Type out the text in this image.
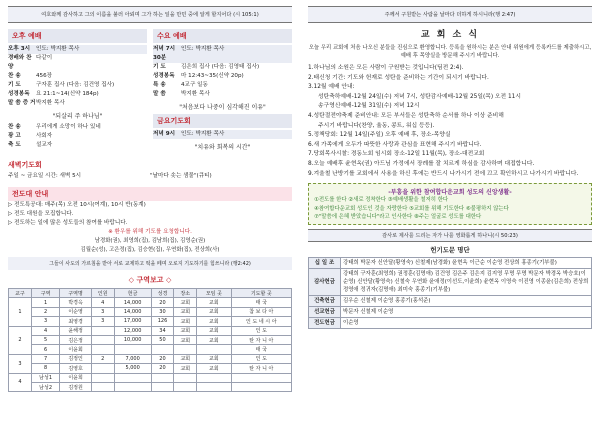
여호와께 감사하고 그의 이름을 불러 아뢰며 그가 하는 일을 만민 중에 알게 할지어다 (시 105:1)
오후 예배
오후 3시	인도: 박지환 목사
경배와 찬양
다같이
찬 송	456장
기 도	구자훈 집사 (다음: 김건영 집사)
성경봉독	요 21:1~14(신약 184p)
말 씀 증 거 박지환 목사
"되살리 주 하나님"
찬 송	우리에게 소망이 하나 있네
광 고	사회자
축 도	설교자
수요 예배
저녁 7시 30분
인도: 박지환 목사
기 도	김은희 집사 (다음: 김영태 집사)
성경봉독	마 12:43~35(신약 20p)
특 송	4교구 일동
말 씀	박지환 목사
"처음보다 나중이 심각해진 이유"
금요기도회
저녁 9시	인도: 박지환 목사
"치유와 회복의 시간"
새벽기도회
주일 ~ 금요일 시간: 새벽 5시	"날마다 솟는 샘물"(큐티)
전도대 안내
▷ 전도특공대: 매주(목) 오전 10시(여계), 10시 반(동계)
▷ 전도 대원을 모집합니다.
▷ 전도하는 일에 많은 성도들의 참여를 바랍니다.
※ 환우를 위해 기도를 요청합니다.
남경화(권), 최영희(집), 김남희(집), 김영순(권)
김월순(성), 고은정(집), 김승현(집), 우연화(집), 전상희(사)
그들이 사도의 가르침을 받아 서로 교제하고 떡을 떼며 오로지 기도하기를 힘쓰니라 (행2:42)
◇ 구역보고 ◇
교구	구역	구역명	인원	헌금	성경	장소	모임 곳	기도할 곳
1	1	박경옥	4	14,000	20	교회	교회	태 국
	2	이순영	3	14,000	30	교회	교회	참 보 다 아
	3	최영경	3	17,000	126	교회	교회	인 도 네 시 아
2	4	윤해정		12,000	34	교회	교회	인 도
	5	김은정		10,000	50	교회	교회	탄 자 니 아
	6	이윤회						태 국
3	7	김정인	2	7,000	20	교회	교회	인 도
	8	김영호		5,000	20	교회	교회	탄 자 니 아
4	남성1	이윤희						
	남성2	김정원						
주께서 구원받는 사람을 날마다 더하게 하시니라(행 2:47)
교 회 소 식
오늘 우리 교회에 처음 나오신 분들을 진심으로 환영합니다. 등록을 원하시는 분은 안내 위원에게 등록카드를 제출하시고, 예배 후 목양실을 방문해 주시기 바랍니다.
1.하나님의 소원은 모든 사람이 구원받는 것입니다(딤전 2:4).
2.태신청 기간: 기도와 헌재로 성탄을 준비하는 기간이 되시기 바랍니다.
3.12월 예배 안내:
성탄축하예배-12월 24일(수) 저녁 7시, 성탄감사예배-12월 25일(목) 오전 11시
송구영신예배-12월 31일(수) 저녁 12시
4.성탄절전야축제 준비안내: 모든 부서들은 성탄축하 순서를 하나 이상 준비해
주시기 바랍니다(찬양, 율동, 콩트, 워십 등등).
5.정책당회: 12월 14일(주일) 오후 예배 후, 장소-목양실
6.새 가족에게 오두가 따뜻한 사랑과 관심을 표현해 주시기 바랍니다.
7.당회목사시찰: 경동노회 임시회 장소-12일 11월(목), 장소-대전교회
8.오늘 예배후 윤현옥(권) 아드님 가정에서 장례를 잘 치르게 하심을 감사하며 대접합니다.
9.겨울철 난방기를 교회에서 사용을 하신 후에는 반드시 나가시기 전에 끄고 확인하시고 나가시기 바랍니다.
-부흥을 위한 참여합다운교회 성도의 신앙생활-
①전도를 한다 ②새로 정착한다 ③예배생활을 철저히 한다
④참여합다운교회 성도인 것을 자랑한다 ⑤교회를 위해 기도한다 ⑥불평하지 않는다
⑦"말씀에 은혜 받았습니다"라고 인사한다 ⑧주는 얼굴로 성도를 대한다
감사로 제사를 드리는 자가 나를 영화롭게 하나니(시 50:23)
헌기도문 명단
십 일 조	강태희 박문자 신안달(황영숙) 신철제(남경화) 윤현옥 이근순 이순영 전상희 홍종기(기부불)
감사헌금	강태희 구자훈(최영희) 권정훈(김명애) 김건영 김은주 김은지 김지영 무명 무명 박문자 박경옥 박승호(이순영) 신안달(황영숙) 신철숙 우연화 윤애정(이선도,이윤희) 윤현옥 이영숙 이진영 이종윤(김은희) 전상희 정영애 정귀자(김명애) 최미숙 홍종기(기부불)
건축헌금	김우순 신철제 이순영 홍종기(홍석준)
선교헌금	박문자 신철제 이순영
전도헌금	이순영
